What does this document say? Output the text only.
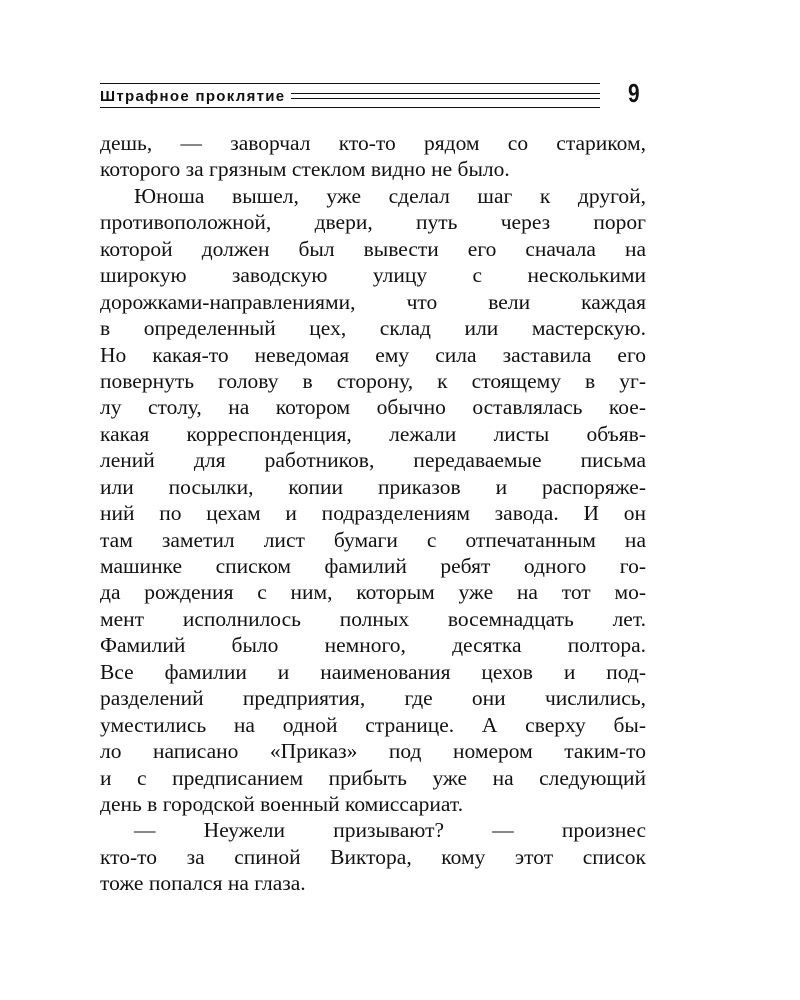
Штрафное проклятие	9
дешь, — заворчал кто-то рядом со стариком,
которого за грязным стеклом видно не было.
Юноша вышел, уже сделал шаг к другой,
противоположной, двери, путь через порог
которой должен был вывести его сначала на
широкую заводскую улицу с несколькими
дорожками-направлениями, что вели каждая
в определенный цех, склад или мастерскую.
Но какая-то неведомая ему сила заставила его
повернуть голову в сторону, к стоящему в уг-
лу столу, на котором обычно оставлялась кое-
какая корреспонденция, лежали листы объяв-
лений для работников, передаваемые письма
или посылки, копии приказов и распоряже-
ний по цехам и подразделениям завода. И он
там заметил лист бумаги с отпечатанным на
машинке списком фамилий ребят одного го-
да рождения с ним, которым уже на тот мо-
мент исполнилось полных восемнадцать лет.
Фамилий было немного, десятка полтора.
Все фамилии и наименования цехов и под-
разделений предприятия, где они числились,
уместились на одной странице. А сверху бы-
ло написано «Приказ» под номером таким-то
и с предписанием прибыть уже на следующий
день в городской военный комиссариат.
— Неужели призывают? — произнес
кто-то за спиной Виктора, кому этот список
тоже попался на глаза.
